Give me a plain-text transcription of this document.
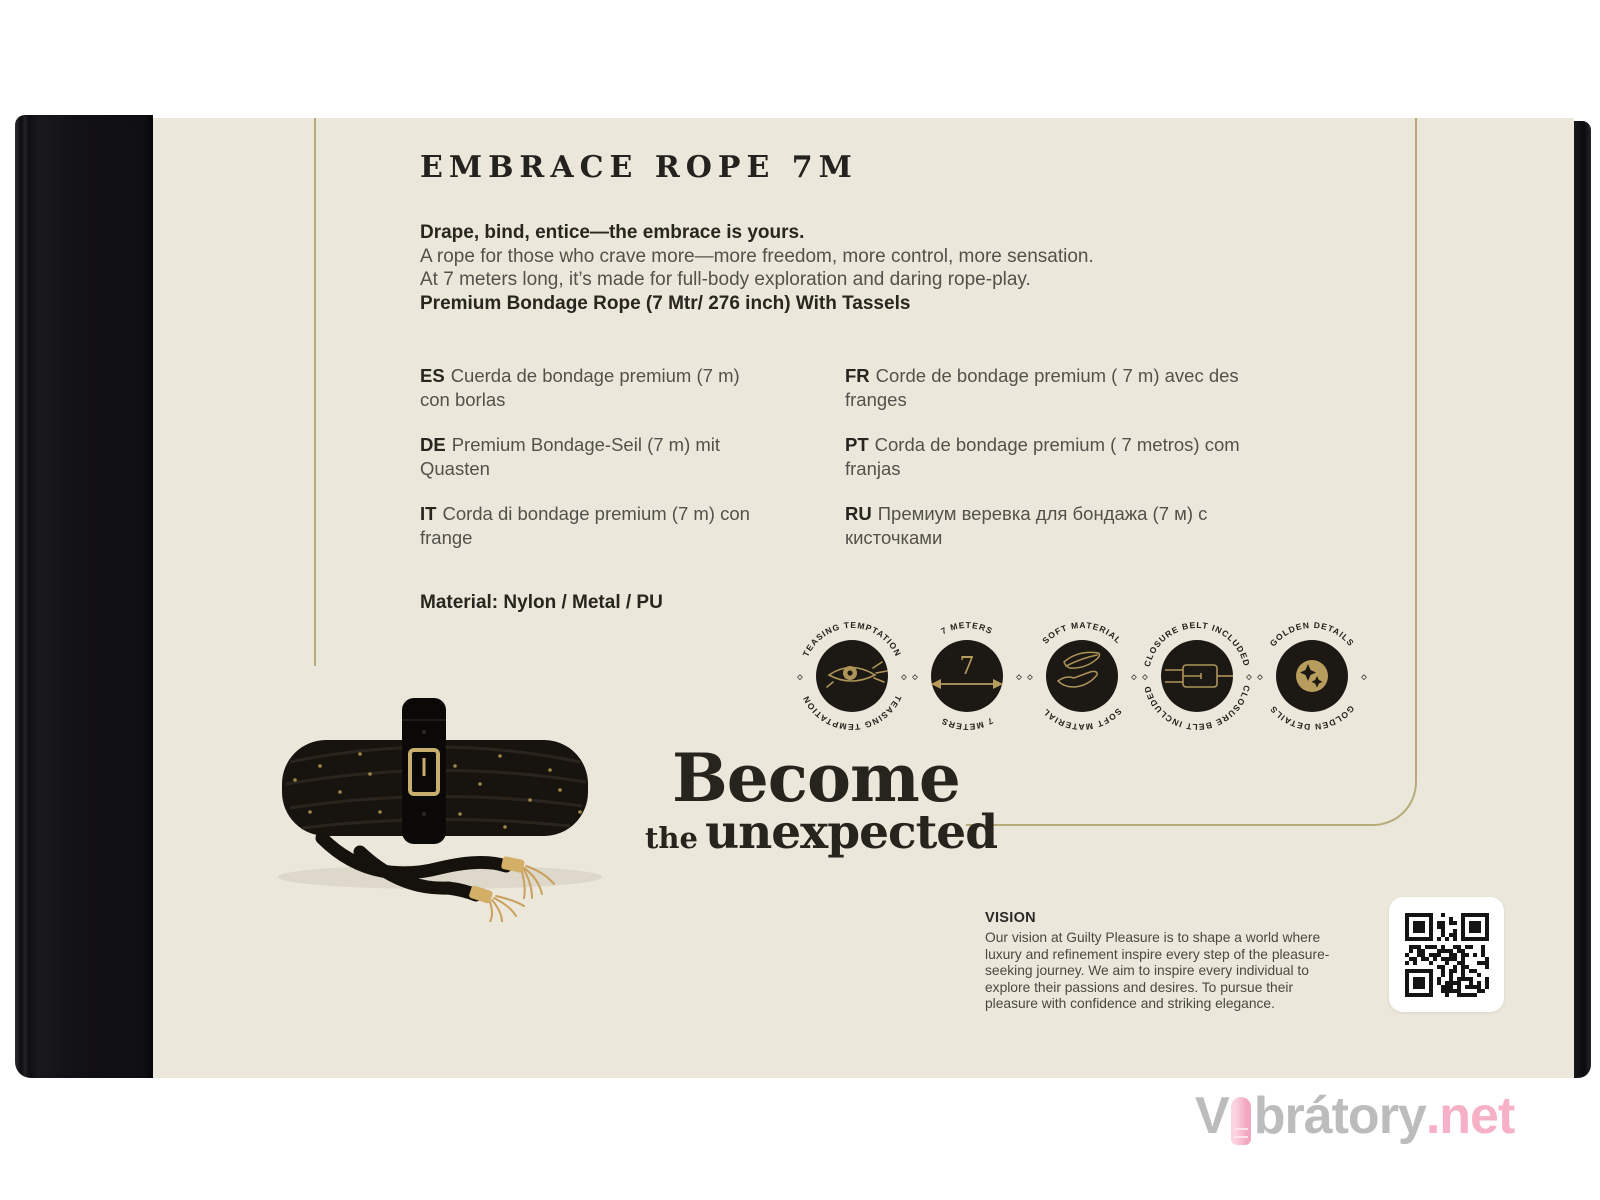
EMBRACE ROPE 7M
Drape, bind, entice—the embrace is yours.
A rope for those who crave more—more freedom, more control, more sensation.
At 7 meters long, it’s made for full-body exploration and daring rope-play.
Premium Bondage Rope (7 Mtr/ 276 inch) With Tassels
ES Cuerda de bondage premium (7 m)
con borlas
FR Corde de bondage premium ( 7 m) avec des
franges
DE Premium Bondage-Seil (7 m) mit
Quasten
PT Corda de bondage premium ( 7 metros) com
franjas
IT Corda di bondage premium (7 m) con
frange
RU Премиум веревка для бондажа (7 м) с
кисточками
Material: Nylon / Metal / PU
TEASING TEMPTATION
TEASING TEMPTATION
◇	◇
7 METERS
7 METERS
◇	◇
7
SOFT MATERIAL
SOFT MATERIAL
◇	◇
CLOSURE BELT INCLUDED
CLOSURE BELT INCLUDED
◇	◇
GOLDEN DETAILS
GOLDEN DETAILS
◇	◇
Become
the unexpected
VISION
Our vision at Guilty Pleasure is to shape a world where
luxury and refinement inspire every step of the pleasure-
seeking journey. We aim to inspire every individual to
explore their passions and desires. To pursue their
pleasure with confidence and striking elegance.
V brátory .net
